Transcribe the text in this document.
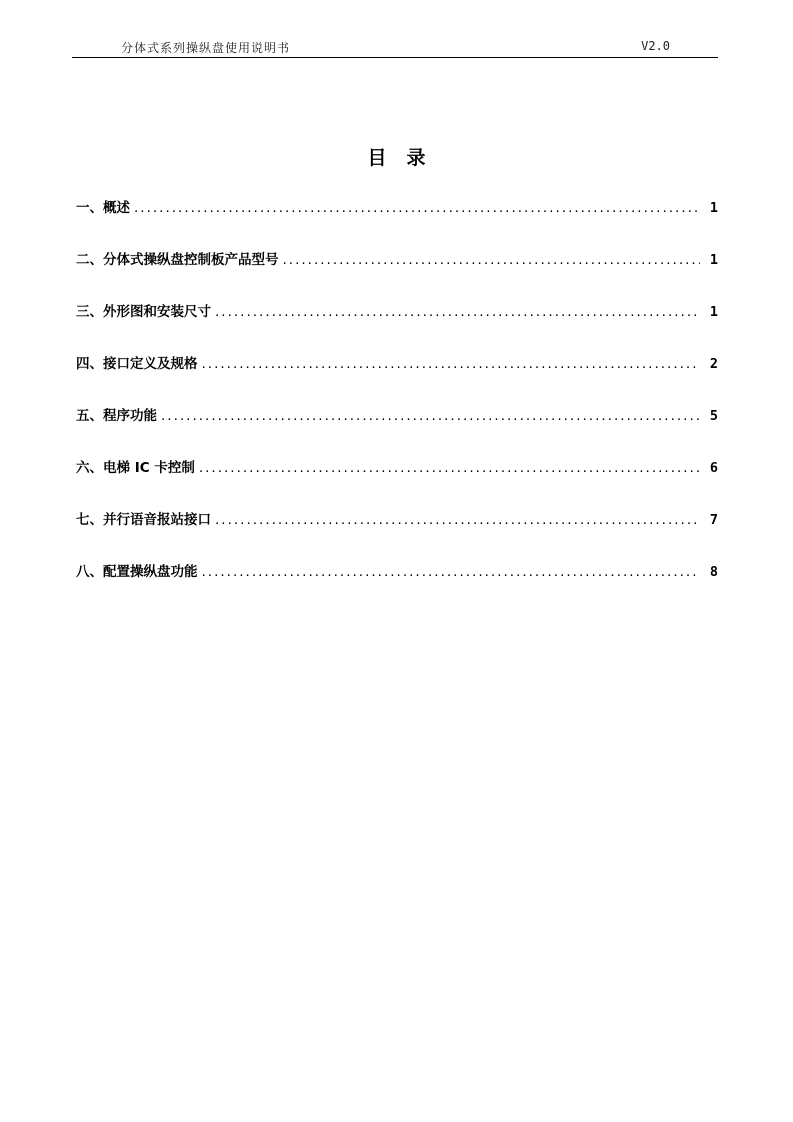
分体式系列操纵盘使用说明书	V2.0
目录
一、概述 .....	1
二、分体式操纵盘控制板产品型号 .....	1
三、外形图和安装尺寸 .....	1
四、接口定义及规格 .....	2
五、程序功能 .....	5
六、电梯 IC 卡控制 .....	6
七、并行语音报站接口 .....	7
八、配置操纵盘功能 .....	8
